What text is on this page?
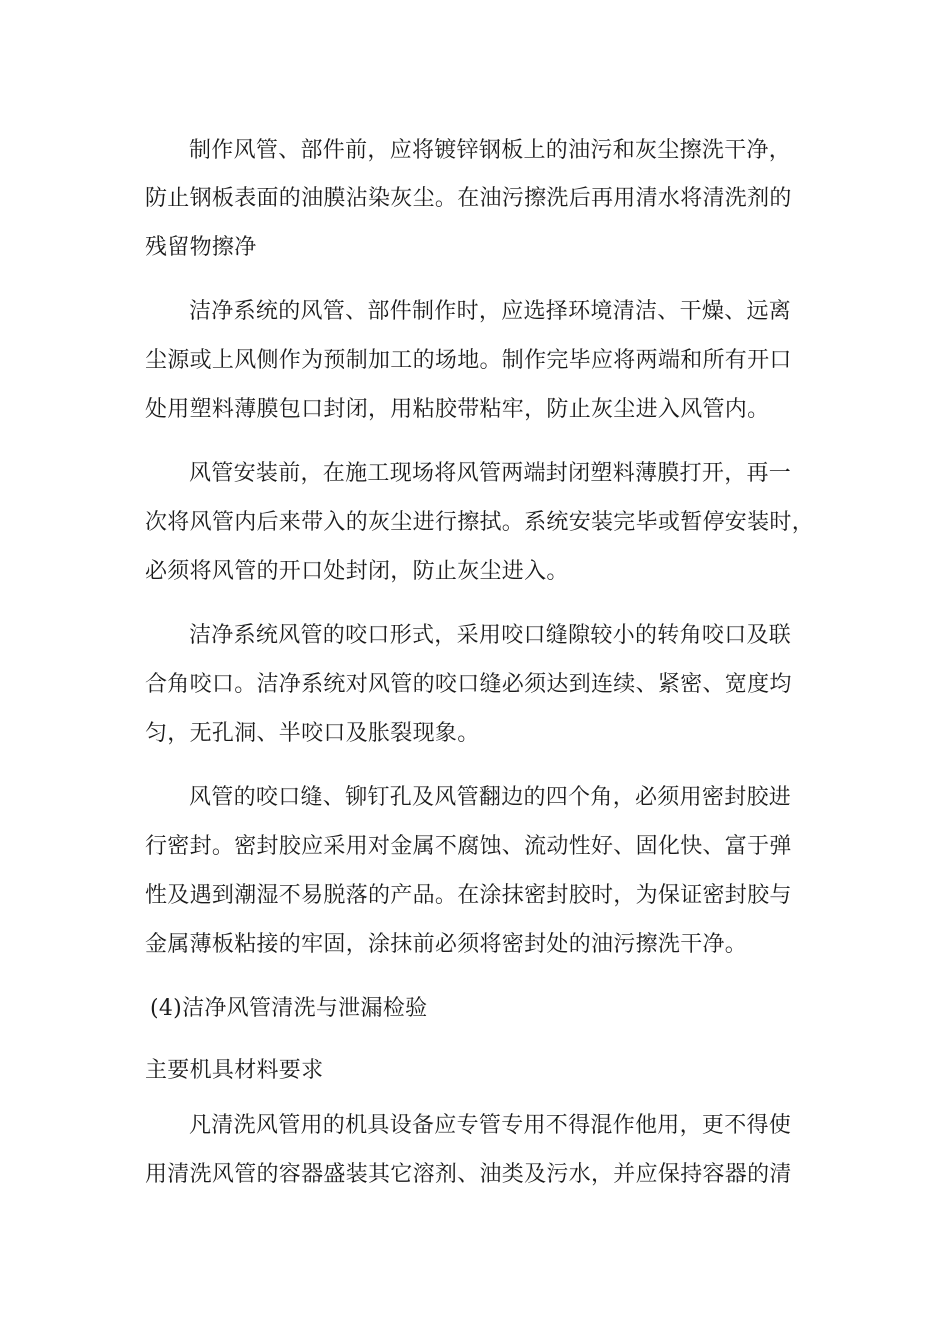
制作风管、部件前，应将镀锌钢板上的油污和灰尘擦洗干净，
防止钢板表面的油膜沾染灰尘。在油污擦洗后再用清水将清洗剂的
残留物擦净
洁净系统的风管、部件制作时，应选择环境清洁、干燥、远离
尘源或上风侧作为预制加工的场地。制作完毕应将两端和所有开口
处用塑料薄膜包口封闭，用粘胶带粘牢，防止灰尘进入风管内。
风管安装前，在施工现场将风管两端封闭塑料薄膜打开，再一
次将风管内后来带入的灰尘进行擦拭。系统安装完毕或暂停安装时，
必须将风管的开口处封闭，防止灰尘进入。
洁净系统风管的咬口形式，采用咬口缝隙较小的转角咬口及联
合角咬口。洁净系统对风管的咬口缝必须达到连续、紧密、宽度均
匀，无孔洞、半咬口及胀裂现象。
风管的咬口缝、铆钉孔及风管翻边的四个角，必须用密封胶进
行密封。密封胶应采用对金属不腐蚀、流动性好、固化快、富于弹
性及遇到潮湿不易脱落的产品。在涂抹密封胶时，为保证密封胶与
金属薄板粘接的牢固，涂抹前必须将密封处的油污擦洗干净。
(4)洁净风管清洗与泄漏检验
主要机具材料要求
凡清洗风管用的机具设备应专管专用不得混作他用，更不得使
用清洗风管的容器盛装其它溶剂、油类及污水，并应保持容器的清
